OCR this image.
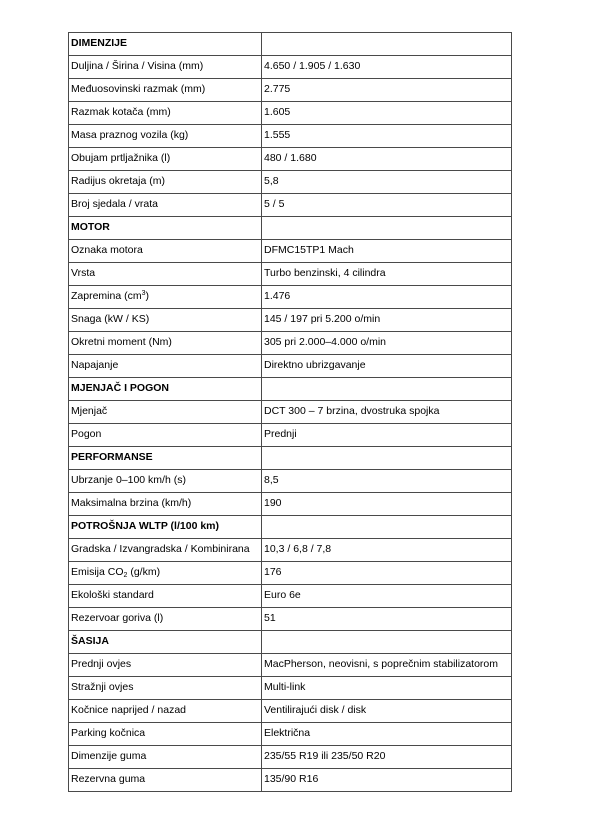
DIMENZIJE	
Duljina / Širina / Visina (mm)	4.650 / 1.905 / 1.630
Međuosovinski razmak (mm)	2.775
Razmak kotača (mm)	1.605
Masa praznog vozila (kg)	1.555
Obujam prtljažnika (l)	480 / 1.680
Radijus okretaja (m)	5,8
Broj sjedala / vrata	5 / 5
MOTOR	
Oznaka motora	DFMC15TP1 Mach
Vrsta	Turbo benzinski, 4 cilindra
Zapremina $(cm^3)$	1.476
Snaga (kW / KS)	145 / 197 pri 5.200 o/min
Okretni moment (Nm)	305 pri 2.000–4.000 o/min
Napajanje	Direktno ubrizgavanje
MJENJAČ I POGON	
Mjenjač	DCT 300 – 7 brzina, dvostruka spojka
Pogon	Prednji
PERFORMANSE	
Ubrzanje 0–100 km/h (s)	8,5
Maksimalna brzina (km/h)	190
POTROŠNJA WLTP (l/100 km)	
Gradska / Izvangradska / Kombinirana	10,3 / 6,8 / 7,8
Emisija $CO_2$ (g/km)	176
Ekološki standard	Euro 6e
Rezervoar goriva (l)	51
ŠASIJA	
Prednji ovjes	MacPherson, neovisni, s poprečnim stabilizatorom
Stražnji ovjes	Multi-link
Kočnice naprijed / nazad	Ventilirajući disk / disk
Parking kočnica	Električna
Dimenzije guma	235/55 R19 ili 235/50 R20
Rezervna guma	135/90 R16
